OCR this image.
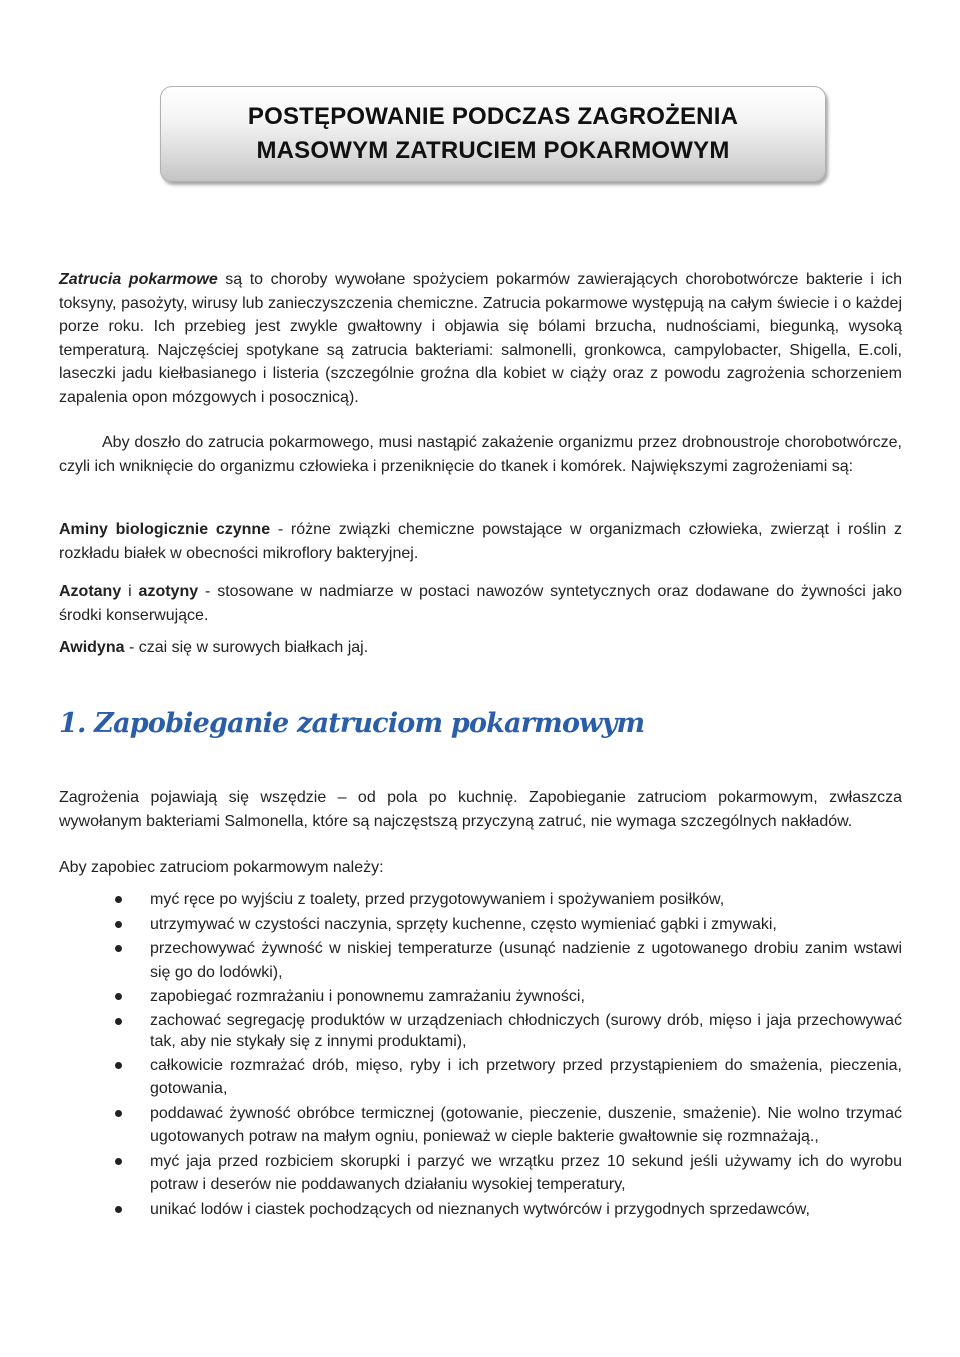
POSTĘPOWANIE PODCZAS ZAGROŻENIA
MASOWYM ZATRUCIEM POKARMOWYM

Zatrucia pokarmowe są to choroby wywołane spożyciem pokarmów zawierających chorobotwórcze bakterie i ich toksyny, pasożyty, wirusy lub zanieczyszczenia chemiczne. Zatrucia pokarmowe występują na całym świecie i o każdej porze roku. Ich przebieg jest zwykle gwałtowny i objawia się bólami brzucha, nudnościami, biegunką, wysoką temperaturą. Najczęściej spotykane są zatrucia bakteriami: salmonelli, gronkowca, campylobacter, Shigella, E.coli, laseczki jadu kiełbasianego i listeria (szczególnie groźna dla kobiet w ciąży oraz z powodu zagrożenia schorzeniem zapalenia opon mózgowych i posocznicą).

Aby doszło do zatrucia pokarmowego, musi nastąpić zakażenie organizmu przez drobnoustroje chorobotwórcze, czyli ich wniknięcie do organizmu człowieka i przeniknięcie do tkanek i komórek. Największymi zagrożeniami są:

Aminy biologicznie czynne - różne związki chemiczne powstające w organizmach człowieka, zwierząt i roślin z rozkładu białek w obecności mikroflory bakteryjnej.

Azotany i azotyny - stosowane w nadmiarze w postaci nawozów syntetycznych oraz dodawane do żywności jako środki konserwujące.

Awidyna - czai się w surowych białkach jaj.

1. Zapobieganie zatruciom pokarmowym

Zagrożenia pojawiają się wszędzie – od pola po kuchnię. Zapobieganie zatruciom pokarmowym, zwłaszcza wywołanym bakteriami Salmonella, które są najczęstszą przyczyną zatruć, nie wymaga szczególnych nakładów.

Aby zapobiec zatruciom pokarmowym należy:

myć ręce po wyjściu z toalety, przed przygotowywaniem i spożywaniem posiłków,
utrzymywać w czystości naczynia, sprzęty kuchenne, często wymieniać gąbki i zmywaki,
przechowywać żywność w niskiej temperaturze (usunąć nadzienie z ugotowanego drobiu zanim wstawi się go do lodówki),
zapobiegać rozmrażaniu i ponownemu zamrażaniu żywności,
zachować segregację produktów w urządzeniach chłodniczych (surowy drób, mięso i jaja przechowywać tak, aby nie stykały się z innymi produktami),
całkowicie rozmrażać drób, mięso, ryby i ich przetwory przed przystąpieniem do smażenia, pieczenia, gotowania,
poddawać żywność obróbce termicznej (gotowanie, pieczenie, duszenie, smażenie). Nie wolno trzymać ugotowanych potraw na małym ogniu, ponieważ w cieple bakterie gwałtownie się rozmnażają.,
myć jaja przed rozbiciem skorupki i parzyć we wrzątku przez 10 sekund jeśli używamy ich do wyrobu potraw i deserów nie poddawanych działaniu wysokiej temperatury,
unikać lodów i ciastek pochodzących od nieznanych wytwórców i przygodnych sprzedawców,
